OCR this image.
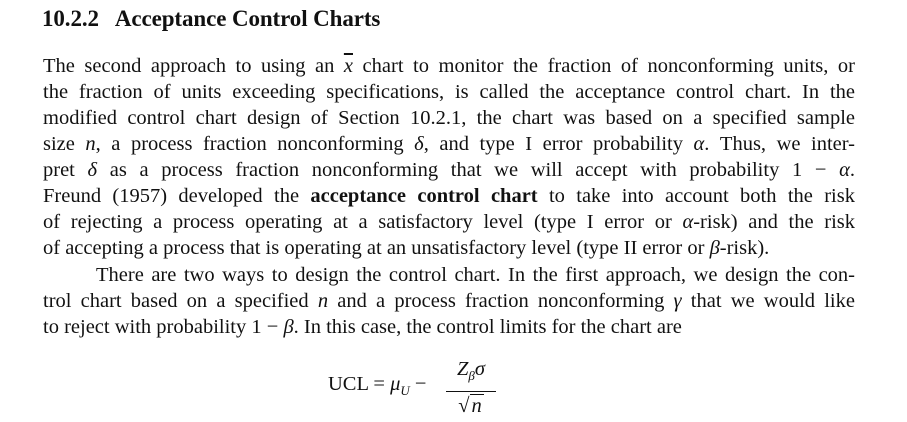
10.2.2 Acceptance Control Charts
The second approach to using an $\overline{x}$ chart to monitor the fraction of nonconforming units, or
the fraction of units exceeding specifications, is called the acceptance control chart. In the
modified control chart design of Section 10.2.1, the chart was based on a specified sample
size n, a process fraction nonconforming δ, and type I error probability α. Thus, we inter-
pret δ as a process fraction nonconforming that we will accept with probability 1 − α.
Freund (1957) developed the acceptance control chart to take into account both the risk
of rejecting a process operating at a satisfactory level (type I error or α-risk) and the risk
of accepting a process that is operating at an unsatisfactory level (type II error or β-risk).
There are two ways to design the control chart. In the first approach, we design the con-
trol chart based on a specified n and a process fraction nonconforming γ that we would like
to reject with probability 1 − β. In this case, the control limits for the chart are
UCL = $\mu_U$ −
$Z_\beta\sigma$
√n
